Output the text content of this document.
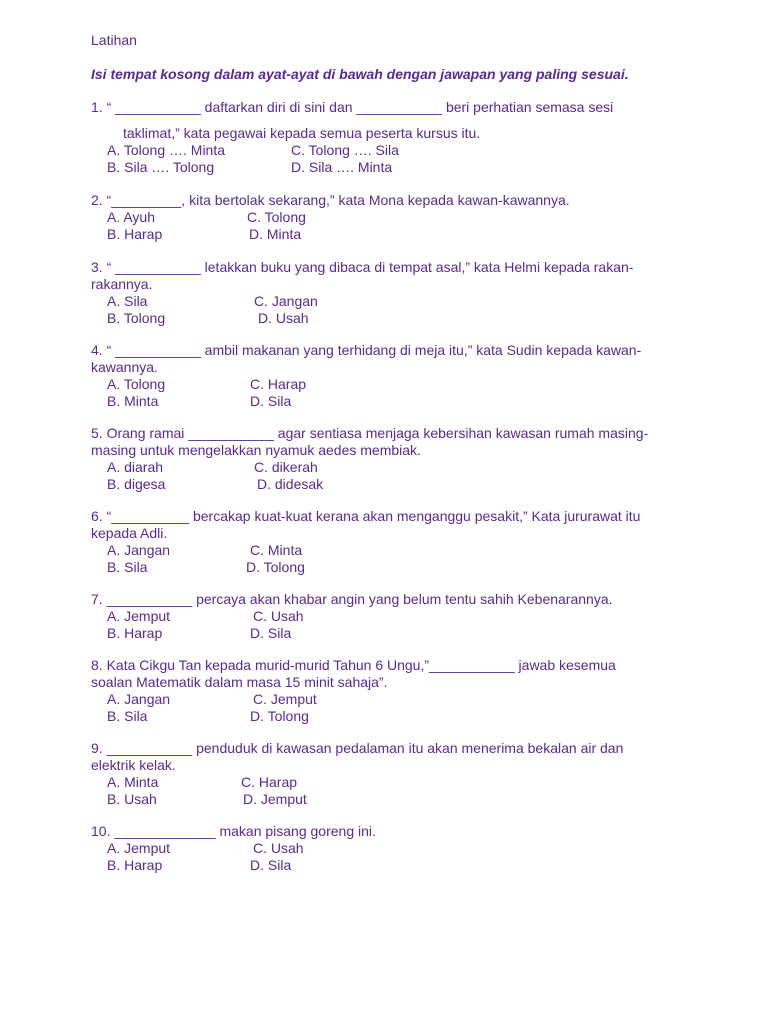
Latihan
Isi tempat kosong dalam ayat-ayat di bawah dengan jawapan yang paling sesuai.
1. “ ___________ daftarkan diri di sini dan ___________ beri perhatian semasa sesi
taklimat,” kata pegawai kepada semua peserta kursus itu.
A. Tolong …. Minta
B. Sila …. Tolong
C. Tolong …. Sila
D. Sila …. Minta
2. “_________, kita bertolak sekarang,” kata Mona kepada kawan-kawannya.
A. Ayuh
B. Harap
C. Tolong
D. Minta
3. “ ___________ letakkan buku yang dibaca di tempat asal,” kata Helmi kepada rakan-
rakannya.
A. Sila
B. Tolong
C. Jangan
D. Usah
4. “ ___________ ambil makanan yang terhidang di meja itu,” kata Sudin kepada kawan-
kawannya.
A. Tolong
B. Minta
C. Harap
D. Sila
5. Orang ramai ___________ agar sentiasa menjaga kebersihan kawasan rumah masing-
masing untuk mengelakkan nyamuk aedes membiak.
A. diarah
B. digesa
C. dikerah
D. didesak
6. “__________ bercakap kuat-kuat kerana akan menganggu pesakit,” Kata jururawat itu
kepada Adli.
A. Jangan
B. Sila
C. Minta
D. Tolong
7. ___________ percaya akan khabar angin yang belum tentu sahih Kebenarannya.
A. Jemput
B. Harap
C. Usah
D. Sila
8. Kata Cikgu Tan kepada murid-murid Tahun 6 Ungu,”___________ jawab kesemua
soalan Matematik dalam masa 15 minit sahaja”.
A. Jangan
B. Sila
C. Jemput
D. Tolong
9. ___________ penduduk di kawasan pedalaman itu akan menerima bekalan air dan
elektrik kelak.
A. Minta
B. Usah
C. Harap
D. Jemput
10. _____________ makan pisang goreng ini.
A. Jemput
B. Harap
C. Usah
D. Sila
